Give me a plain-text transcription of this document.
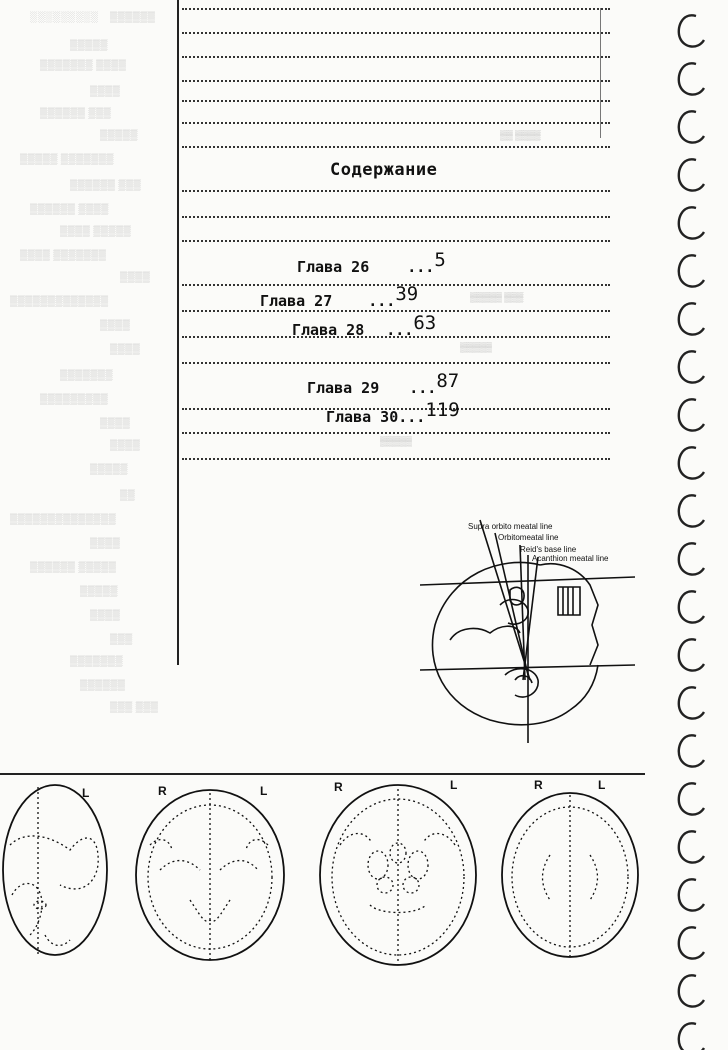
░░░░░░░░░ ▒▒▒▒▒▒
▒▒▒▒▒
▒▒▒▒▒▒▒ ▒▒▒▒
▒▒▒▒
▒▒▒▒▒▒ ▒▒▒
▒▒▒▒▒
▒▒▒▒▒ ▒▒▒▒▒▒▒
▒▒▒▒▒▒ ▒▒▒
▒▒▒▒▒▒ ▒▒▒▒
▒▒▒▒ ▒▒▒▒▒
▒▒▒▒ ▒▒▒▒▒▒▒
▒▒▒▒
▒▒▒▒▒▒▒▒▒▒▒▒▒
▒▒▒▒
▒▒▒▒
▒▒▒▒▒▒▒
▒▒▒▒▒▒▒▒▒
▒▒▒▒
▒▒▒▒
▒▒▒▒▒
▒▒
▒▒▒▒▒▒▒▒▒▒▒▒▒▒
▒▒▒▒
▒▒▒▒▒▒ ▒▒▒▒▒
▒▒▒▒▒
▒▒▒▒
▒▒▒
▒▒▒▒▒▒▒
▒▒▒▒▒▒
▒▒▒ ▒▒▒
▒▒▒▒▒ ▒▒▒
▒▒▒▒▒
▒▒▒▒▒
▒▒ ▒▒▒▒
Содержание
Глава 26	...5
Глава 27 ...39
Глава 28 ...63
Глава 29 ...87
Глава 30...119
Supra orbito meatal line
Orbitomeatal line
Reid's base line
Acanthion meatal line
L	R	L	R	L	R	L
